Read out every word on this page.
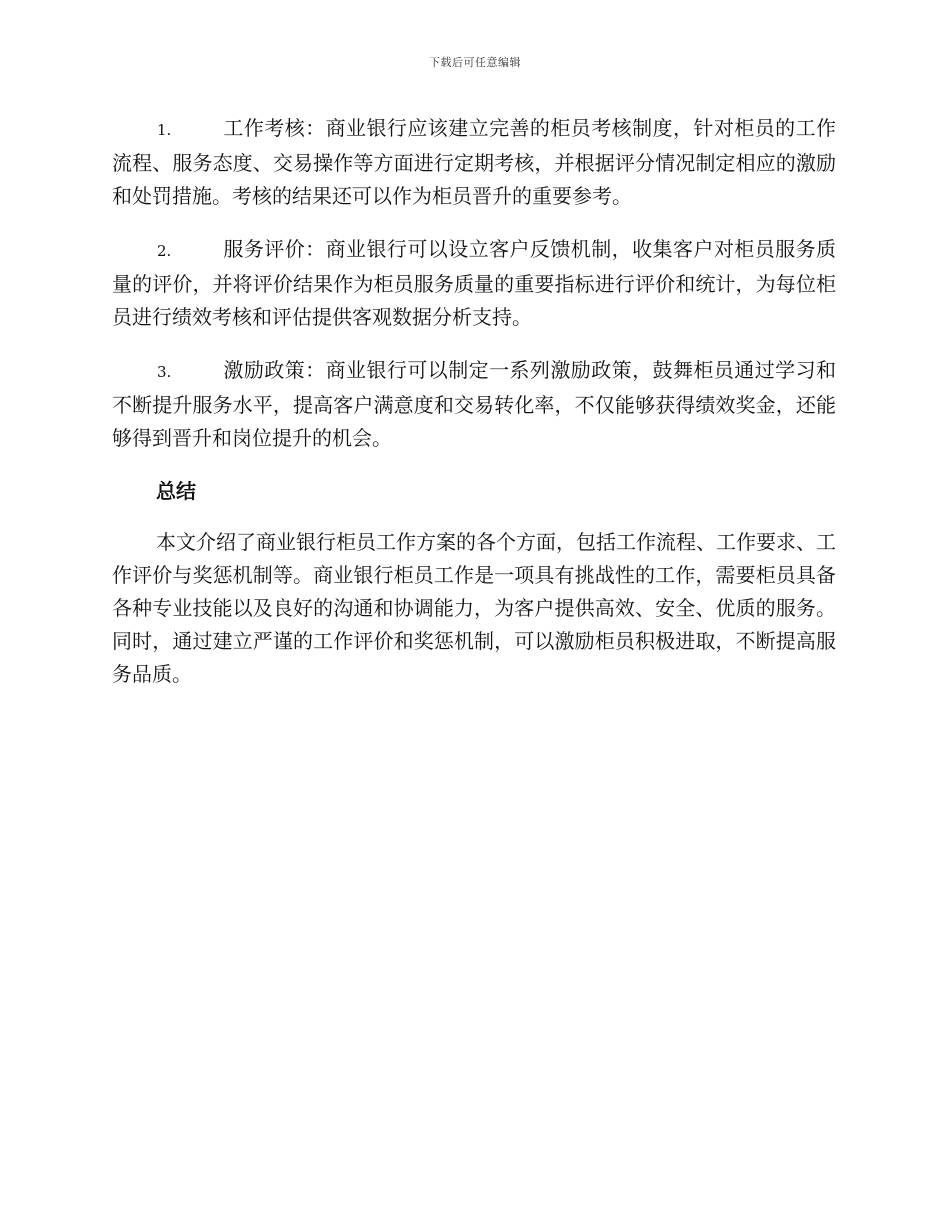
下载后可任意编辑

1.	工作考核：商业银行应该建立完善的柜员考核制度，针对柜员的工作流程、服务态度、交易操作等方面进行定期考核，并根据评分情况制定相应的激励和处罚措施。考核的结果还可以作为柜员晋升的重要参考。

2.	服务评价：商业银行可以设立客户反馈机制，收集客户对柜员服务质量的评价，并将评价结果作为柜员服务质量的重要指标进行评价和统计，为每位柜员进行绩效考核和评估提供客观数据分析支持。

3.	激励政策：商业银行可以制定一系列激励政策，鼓舞柜员通过学习和不断提升服务水平，提高客户满意度和交易转化率，不仅能够获得绩效奖金，还能够得到晋升和岗位提升的机会。

总结

本文介绍了商业银行柜员工作方案的各个方面，包括工作流程、工作要求、工作评价与奖惩机制等。商业银行柜员工作是一项具有挑战性的工作，需要柜员具备各种专业技能以及良好的沟通和协调能力，为客户提供高效、安全、优质的服务。同时，通过建立严谨的工作评价和奖惩机制，可以激励柜员积极进取，不断提高服务品质。
